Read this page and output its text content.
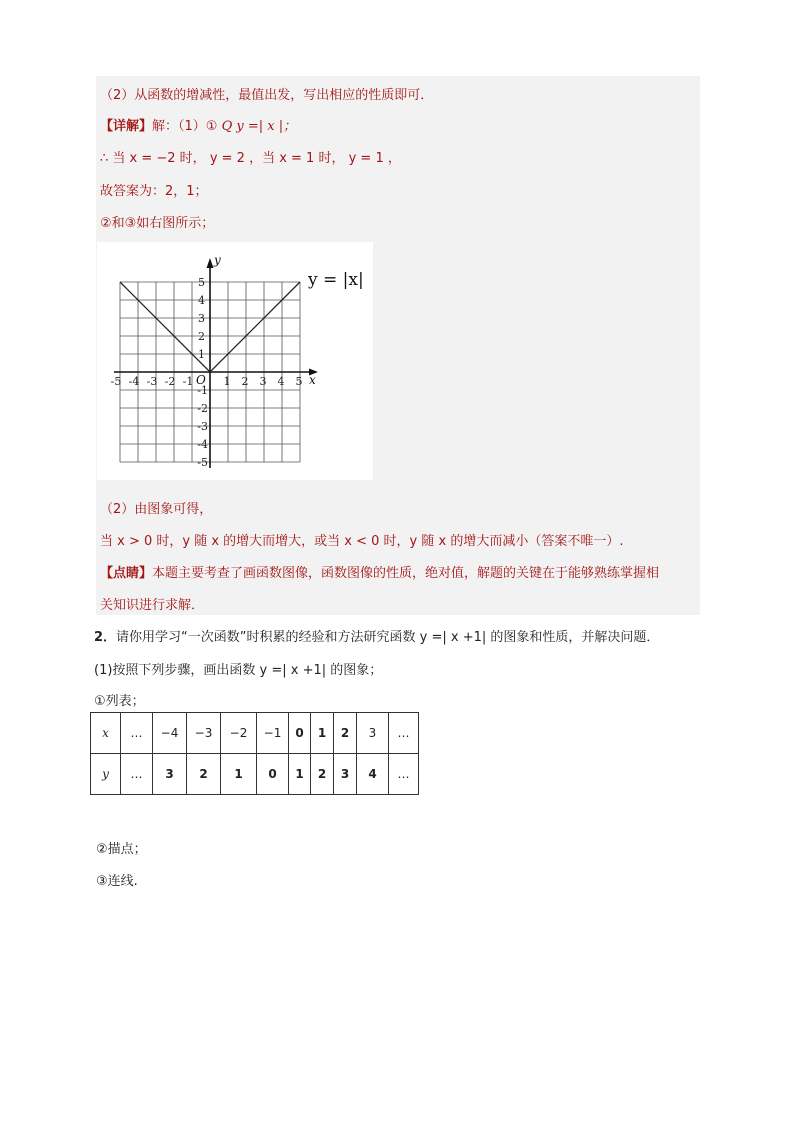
（2）从函数的增减性，最值出发，写出相应的性质即可．
【详解】解：（1）① Q y =| x |；
∴ 当 x = −2 时， y = 2 ，当 x = 1 时， y = 1 ，
故答案为：2，1；
②和③如右图所示；
-5 -4 -3 -2 -1	1 2 3 4 5
1
2
3
4
5
-1
-2
-3
-4
-5
y = |x|
x
y
O
（2）由图象可得，
当 x > 0 时，y 随 x 的增大而增大，或当 x < 0 时，y 随 x 的增大而减小（答案不唯一）.
【点睛】本题主要考查了画函数图像，函数图像的性质，绝对值，解题的关键在于能够熟练掌握相
关知识进行求解．
2．请你用学习“一次函数”时积累的经验和方法研究函数 y =| x +1| 的图象和性质，并解决问题．
(1)按照下列步骤，画出函数 y =| x +1| 的图象；
①列表；
x	…	−4	−3	−2	−1	0	1	2	3	…
y	…	3	2	1	0	1	2	3	4	…
②描点；
③连线.
